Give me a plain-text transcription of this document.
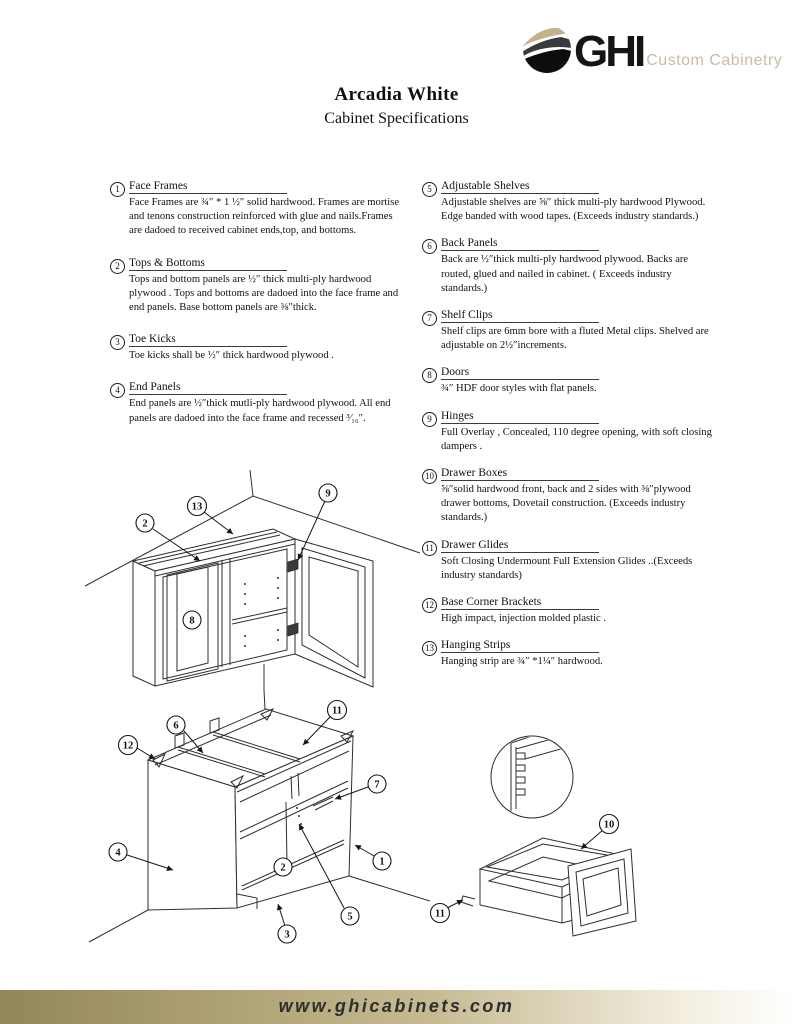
GHI Custom Cabinetry
Arcadia White
Cabinet Specifications
1 Face Frames
Face Frames are ¾″ * 1 ½″ solid hardwood. Frames are mortise and tenons construction reinforced with glue and nails.Frames are dadoed to received cabinet ends,top, and bottoms.
2 Tops & Bottoms
Tops and bottom panels are ½″ thick multi-ply hardwood plywood . Tops and bottoms are dadoed into the face frame and end panels. Base bottom panels are ⅜″thick.
3 Toe Kicks
Toe kicks shall be ½″ thick hardwood plywood .
4 End Panels
End panels are ½″thick mutli-ply hardwood plywood. All end panels are dadoed into the face frame and recessed ³⁄₁₆″.
5 Adjustable Shelves
Adjustable shelves are ⅝″ thick multi-ply hardwood Plywood. Edge banded with wood tapes. (Exceeds industry standards.)
6 Back Panels
Back are ½″thick multi-ply hardwood plywood. Backs are routed, glued and nailed in cabinet. ( Exceeds industry standards.)
7 Shelf Clips
Shelf clips are 6mm bore with a fluted Metal clips. Shelved are adjustable on 2½″increments.
8 Doors
¾″ HDF door styles with flat panels.
9 Hinges
Full Overlay , Concealed, 110 degree opening, with soft closing dampers .
10 Drawer Boxes
⅝″solid hardwood front, back and 2 sides with ⅜″plywood drawer bottoms, Dovetail construction. (Exceeds industry standards.)
11 Drawer Glides
Soft Closing Undermount Full Extension Glides ..(Exceeds industry standards)
12 Base Corner Brackets
High impact, injection molded plastic .
13 Hanging Strips
Hanging strip are ¾″ *1¼″ hardwood.
2
13
9
8
12
6
11
7
4
1
2
5
3
10
11
www.ghicabinets.com
